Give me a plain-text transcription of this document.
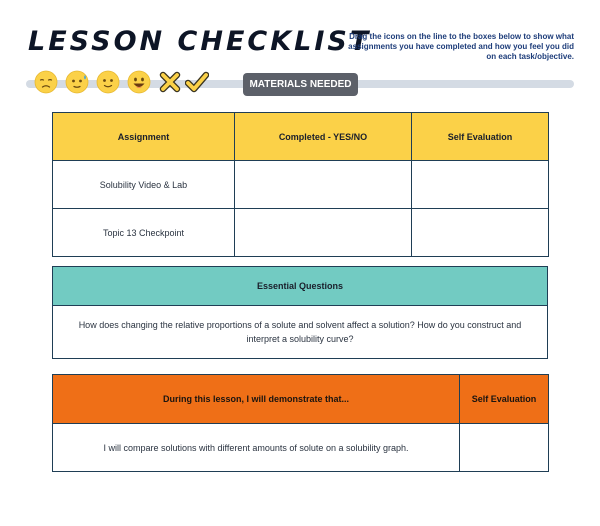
LESSON CHECKLIST
Drag the icons on the line to the boxes below to show what assignments you have completed and how you feel you did on each task/objective.
MATERIALS NEEDED
Assignment	Completed - YES/NO	Self Evaluation
Solubility Video & Lab		
Topic 13 Checkpoint		
Essential Questions
How does changing the relative proportions of a solute and solvent affect a solution? How do you construct and interpret a solubility curve?
During this lesson, I will demonstrate that...	Self Evaluation
I will compare solutions with different amounts of solute on a solubility graph.	
